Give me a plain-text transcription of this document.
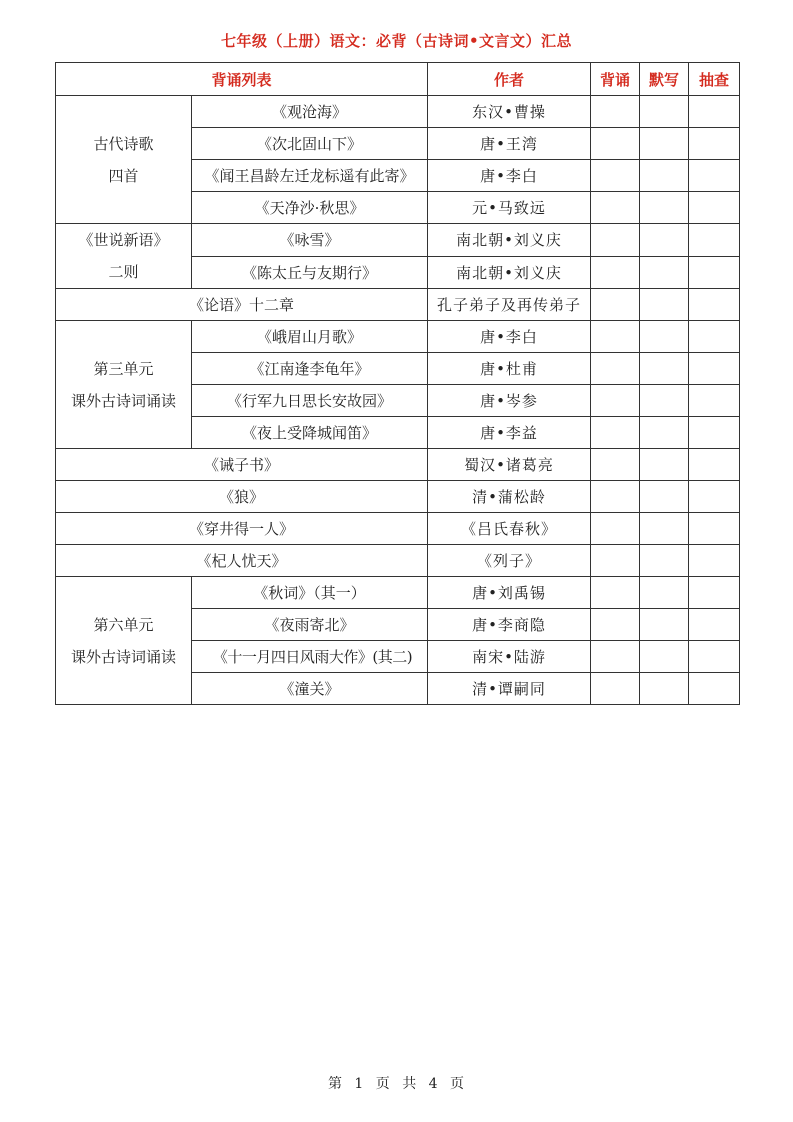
七年级（上册）语文：必背（古诗词•文言文）汇总
背诵列表		作者	背诵	默写	抽查

古代诗歌
四首	《观沧海》	东汉•曹操			
	《次北固山下》	唐•王湾			
	《闻王昌龄左迁龙标遥有此寄》	唐•李白			
	《天净沙·秋思》	元•马致远			

《世说新语》
二则	《咏雪》	南北朝•刘义庆			
	《陈太丘与友期行》	南北朝•刘义庆			
《论语》十二章		孔子弟子及再传弟子			

第三单元
课外古诗词诵读	《峨眉山月歌》	唐•李白			
	《江南逢李龟年》	唐•杜甫			
	《行军九日思长安故园》	唐•岑参			
	《夜上受降城闻笛》	唐•李益			
《诫子书》		蜀汉•诸葛亮			
《狼》		清•蒲松龄			
《穿井得一人》		《吕氏春秋》			
《杞人忧天》		《列子》			

第六单元
课外古诗词诵读	《秋词》（其一）	唐•刘禹锡			
	《夜雨寄北》	唐•李商隐			
	《十一月四日风雨大作》(其二)	南宋•陆游			
	《潼关》	清•谭嗣同			
第 1 页 共 4 页
